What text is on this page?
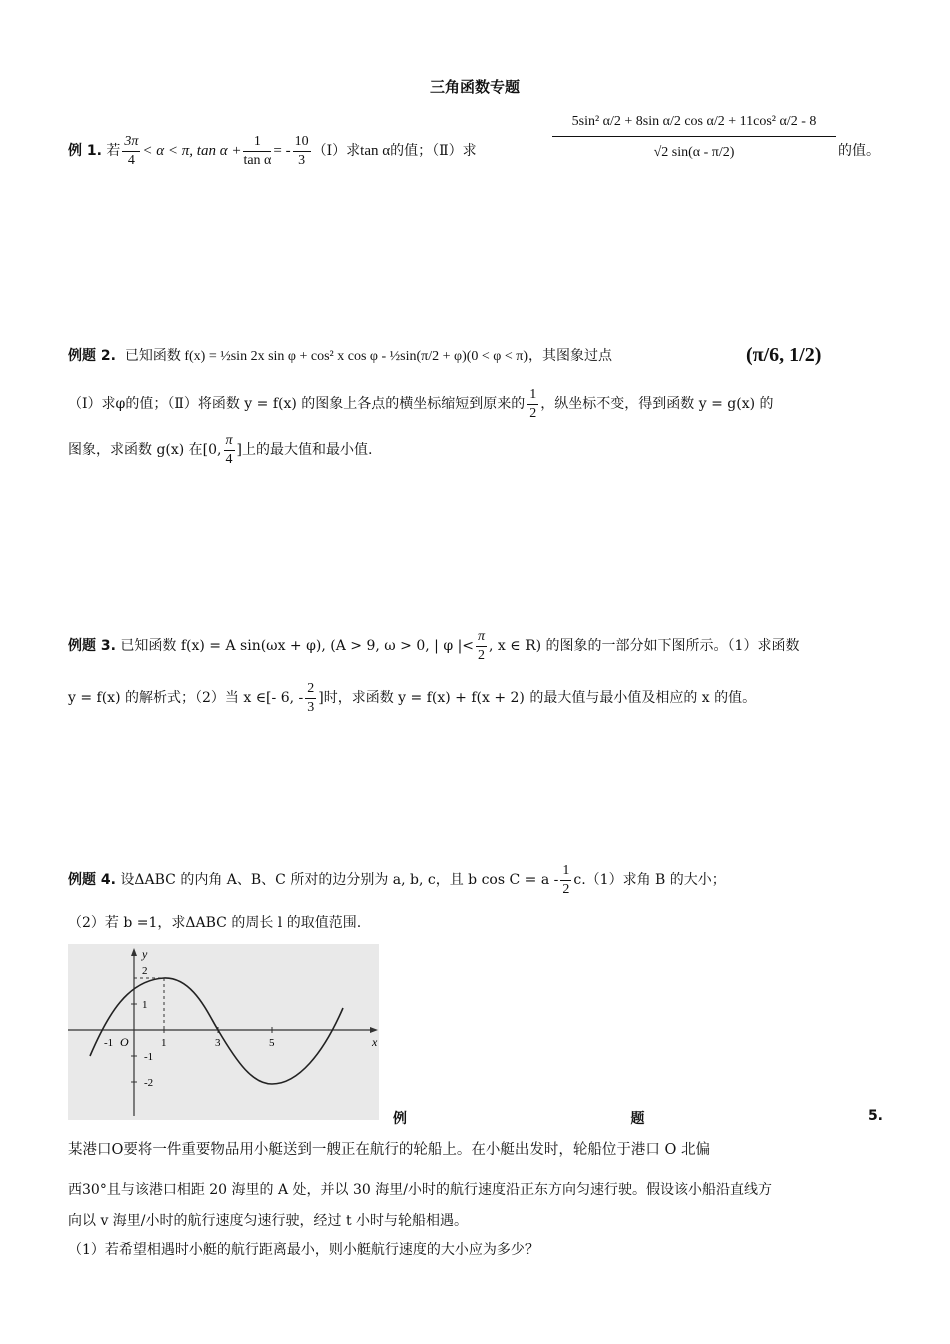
三角函数专题
例 1.
若 $\frac{3\pi}{4} < \alpha < \pi$, $\tan \alpha + \frac{1}{\text{tan α}}$ = - $\frac{10}{3}$ （Ⅰ）求 tan α 的值；（Ⅱ）求	$\frac{\text{5sin² α/2 + 8sin α/2 cos α/2 + 11cos² α/2 - 8}}{√2 \sin(\alpha - \pi/2)}$ 的值。
例题 2. 已知函数 f(x) = ½sin 2x sin φ + cos² x cos φ - ½sin(π/2 + φ)(0 < φ < π)，其图象过点	(π/6, 1/2)
（Ⅰ）求φ的值；（Ⅱ）将函数 y = f(x) 的图象上各点的横坐标缩短到原来的 $\frac{1}{2}$ ，纵坐标不变，得到函数 y = g(x) 的
图象，求函数 g(x) 在[0, $\frac{\pi}{4}$ ]上的最大值和最小值.
例题 3.
已知函数 f(x) = A sin(ωx + φ), (A > 9, ω > 0, | φ |< $\frac{\pi}{2}$ , x ∈ R) 的图象的一部分如下图所示。（1）求函数
y = f(x) 的解析式；（2）当 x ∈[- 6, - $\frac{2}{3}$ ]时，求函数 y = f(x) + f(x + 2) 的最大值与最小值及相应的 x 的值。
例题 4.
设ΔABC 的内角 A、B、C 所对的边分别为 a, b, c，且 b $\cos C = a - \frac{1}{2} c.(1)$求角 B 的大小；
（2）若 b =1，求ΔABC 的周长 l 的取值范围.
x
y
O
-1	1	3	5
2
1
-1
-2
例	题	5.
某港口O要将一件重要物品用小艇送到一艘正在航行的轮船上。在小艇出发时，轮船位于港口 O 北偏
西30°且与该港口相距 20 海里的 A 处，并以 30 海里/小时的航行速度沿正东方向匀速行驶。假设该小船沿直线方
向以 v 海里/小时的航行速度匀速行驶，经过 t 小时与轮船相遇。
（1）若希望相遇时小艇的航行距离最小，则小艇航行速度的大小应为多少？
